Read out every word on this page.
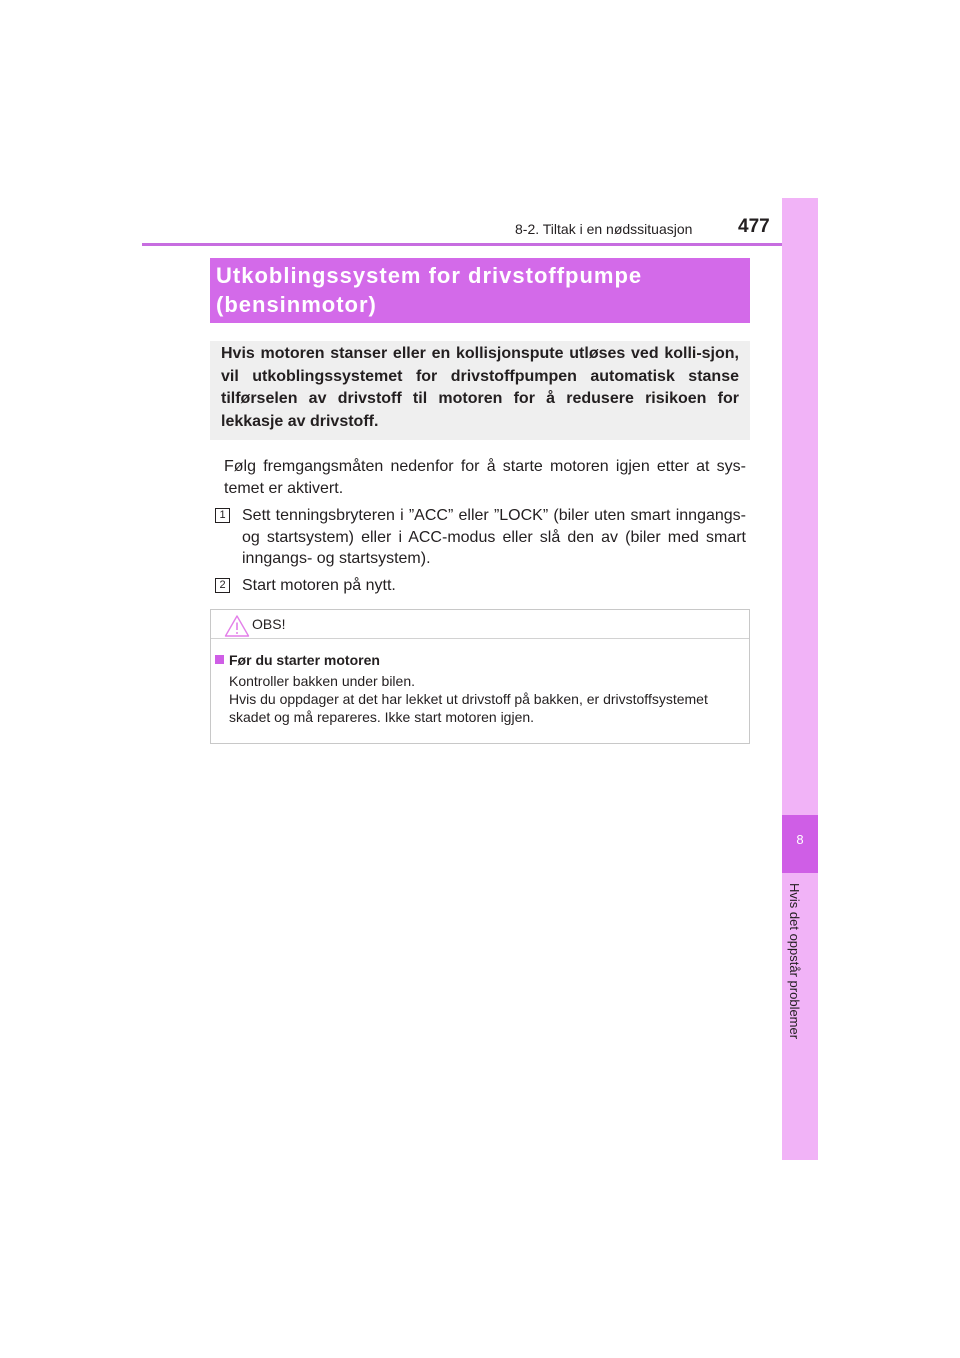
8-2. Tiltak i en nødssituasjon 477
8
Hvis det oppstår problemer
Utkoblingssystem for drivstoffpumpe (bensinmotor)

Hvis motoren stanser eller en kollisjonspute utløses ved kolli-sjon, vil utkoblingssystemet for drivstoffpumpen automatisk stanse tilførselen av drivstoff til motoren for å redusere risikoen for lekkasje av drivstoff.

Følg fremgangsmåten nedenfor for å starte motoren igjen etter at sys-temet er aktivert.

1 Sett tenningsbryteren i ”ACC” eller ”LOCK” (biler uten smart inngangs- og startsystem) eller i ACC-modus eller slå den av (biler med smart inngangs- og startsystem).

2 Start motoren på nytt.

OBS!
Før du starter motoren
Kontroller bakken under bilen.
Hvis du oppdager at det har lekket ut drivstoff på bakken, er drivstoffsystemet skadet og må repareres. Ikke start motoren igjen.
